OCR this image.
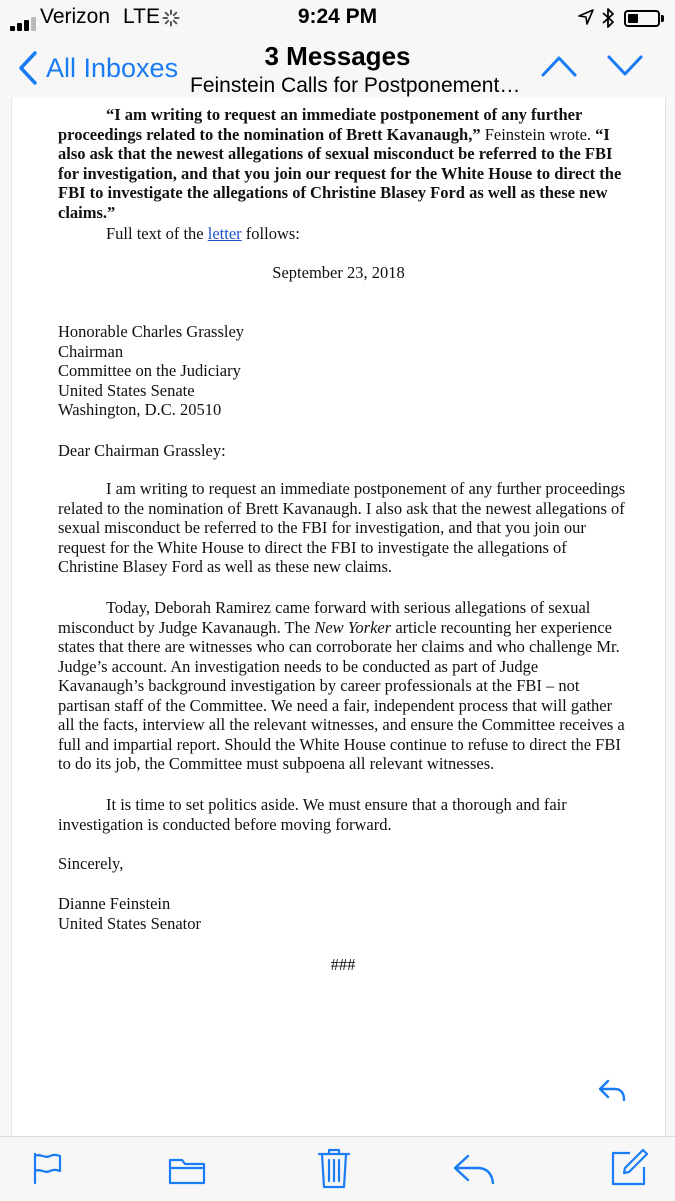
Verizon LTE	9:24 PM
All Inboxes	3 Messages
Feinstein Calls for Postponement…

“I am writing to request an immediate postponement of any further proceedings related to the nomination of Brett Kavanaugh,” Feinstein wrote. “I also ask that the newest allegations of sexual misconduct be referred to the FBI for investigation, and that you join our request for the White House to direct the FBI to investigate the allegations of Christine Blasey Ford as well as these new claims.”

Full text of the letter follows:

September 23, 2018

Honorable Charles Grassley
Chairman
Committee on the Judiciary
United States Senate
Washington, D.C. 20510

Dear Chairman Grassley:

I am writing to request an immediate postponement of any further proceedings related to the nomination of Brett Kavanaugh. I also ask that the newest allegations of sexual misconduct be referred to the FBI for investigation, and that you join our request for the White House to direct the FBI to investigate the allegations of Christine Blasey Ford as well as these new claims.

Today, Deborah Ramirez came forward with serious allegations of sexual misconduct by Judge Kavanaugh. The New Yorker article recounting her experience states that there are witnesses who can corroborate her claims and who challenge Mr. Judge’s account. An investigation needs to be conducted as part of Judge Kavanaugh’s background investigation by career professionals at the FBI – not partisan staff of the Committee. We need a fair, independent process that will gather all the facts, interview all the relevant witnesses, and ensure the Committee receives a full and impartial report. Should the White House continue to refuse to direct the FBI to do its job, the Committee must subpoena all relevant witnesses.

It is time to set politics aside. We must ensure that a thorough and fair investigation is conducted before moving forward.

Sincerely,

Dianne Feinstein
United States Senator

###
